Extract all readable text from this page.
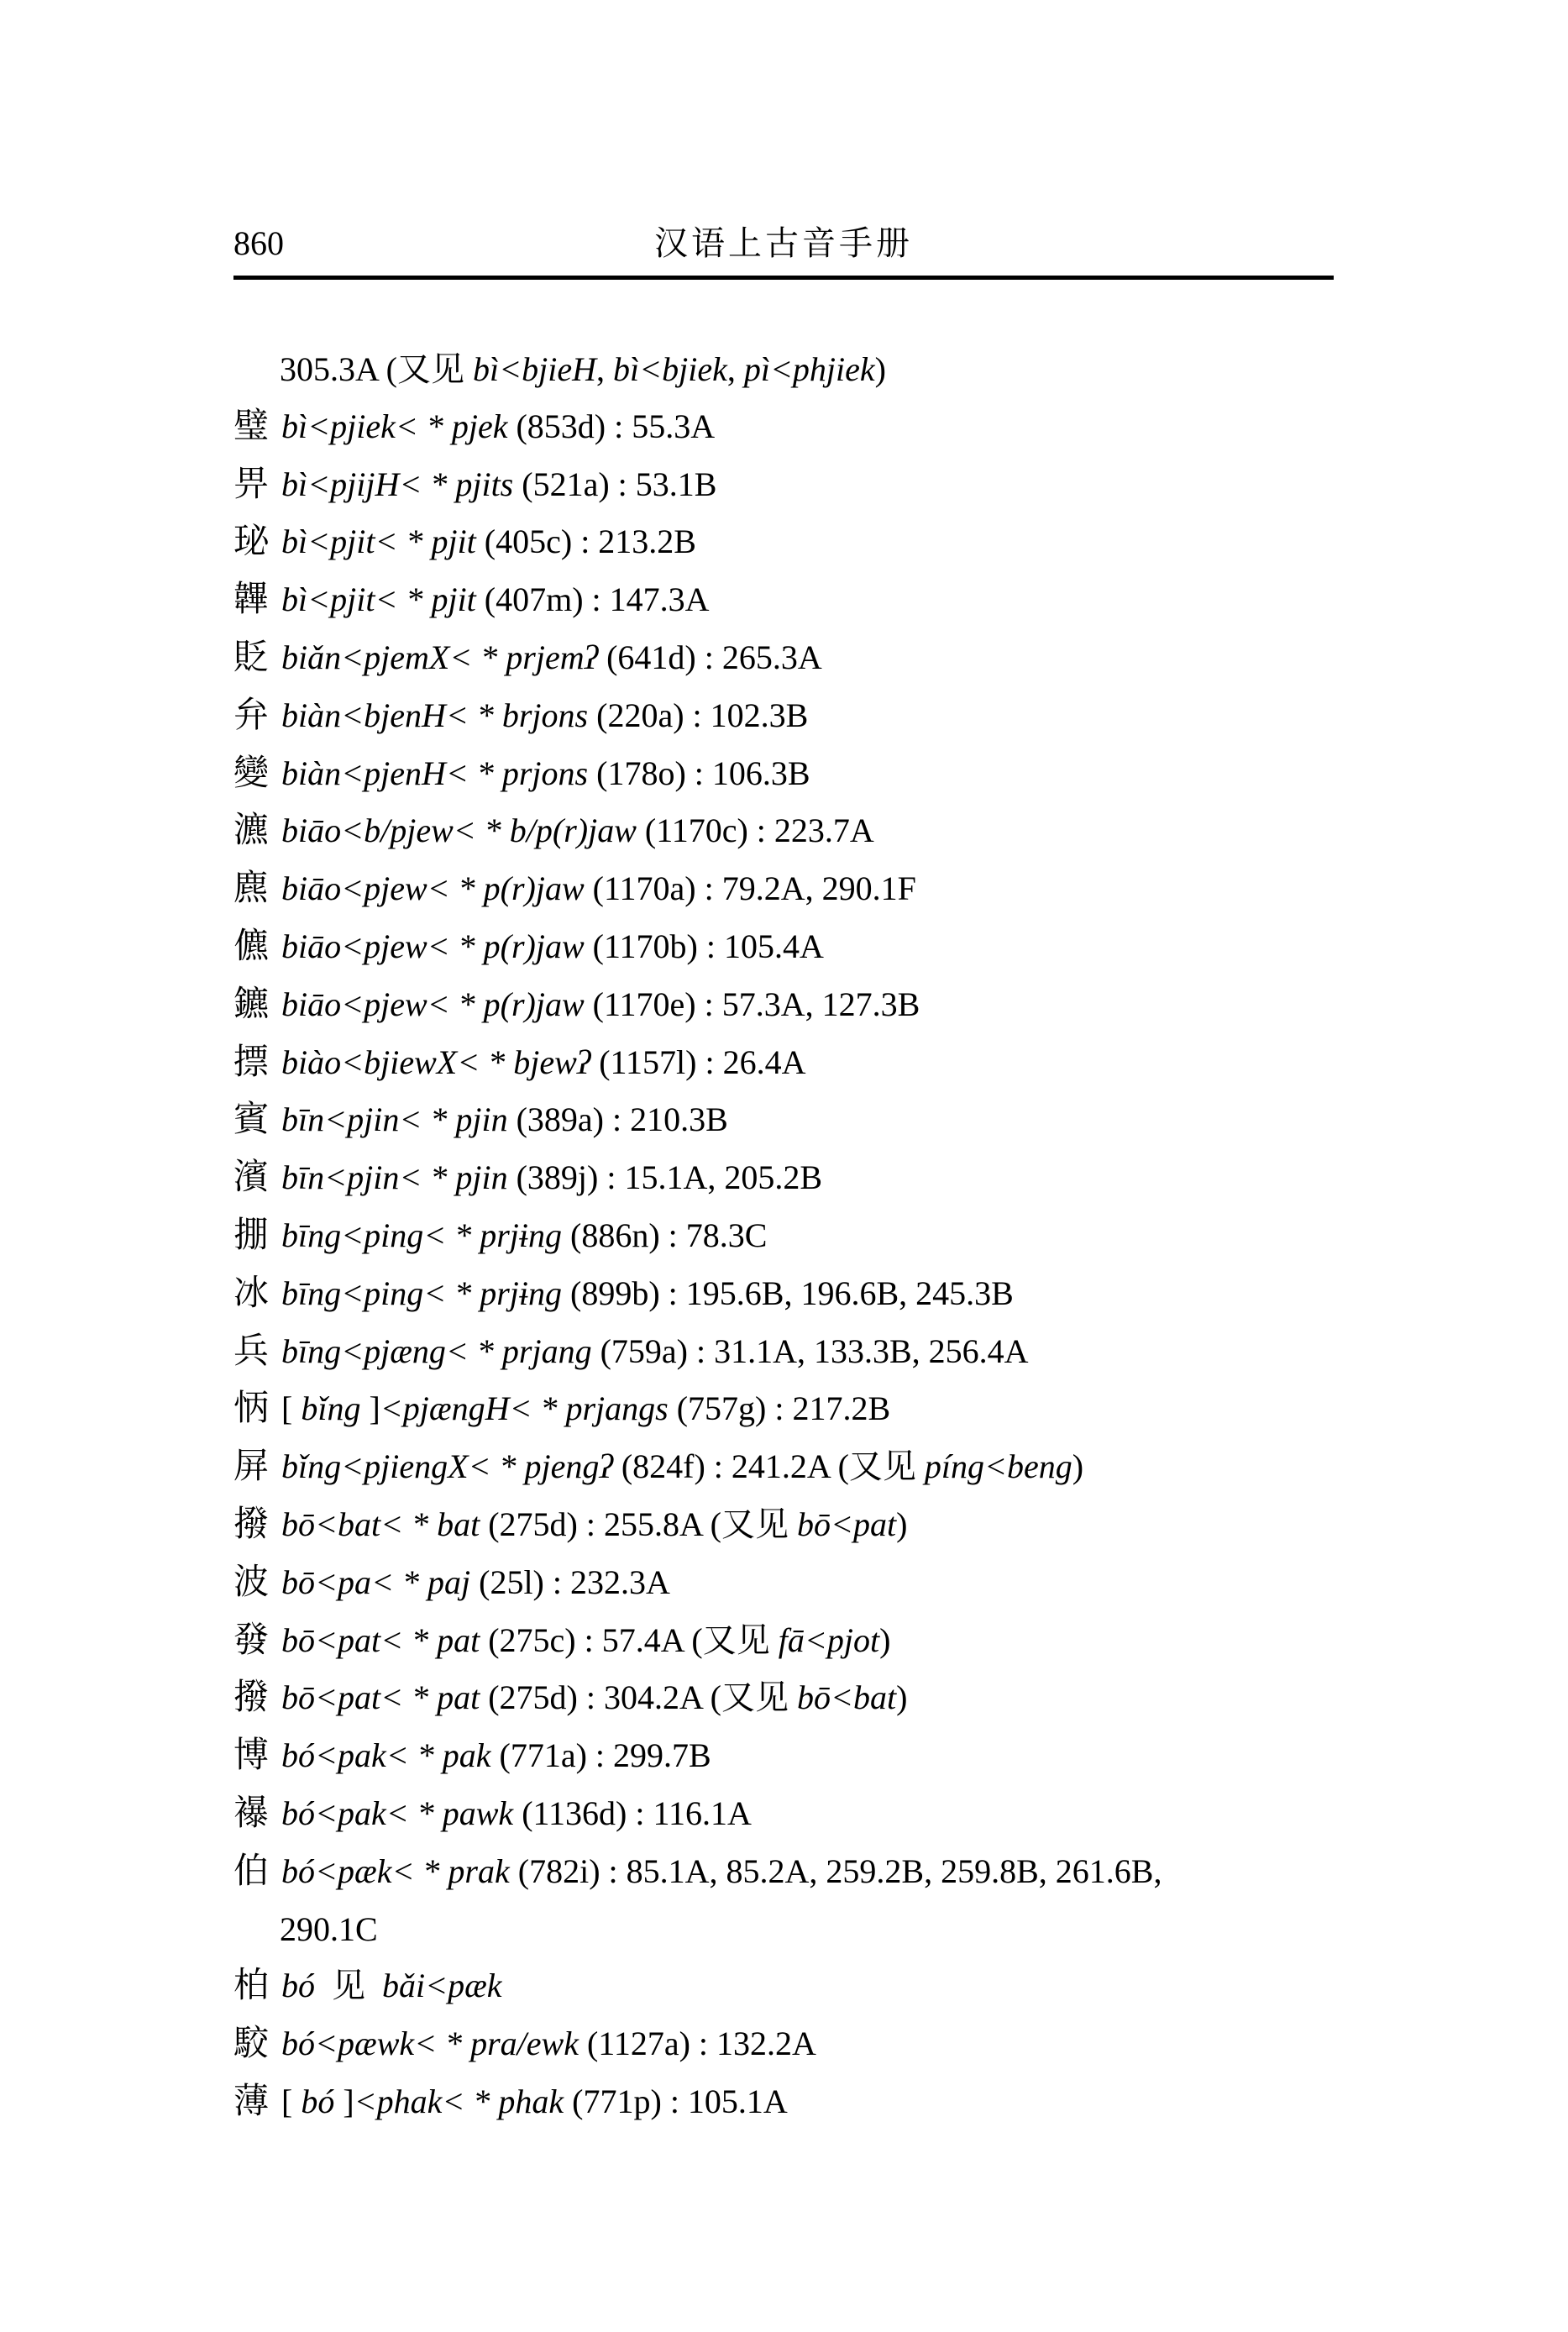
860	汉语上古音手册
305.3A (又见 bì<bjieH, bì<bjiek, pì<phjiek)
璧 bì<pjiek< * pjek (853d) : 55.3A
畀 bì<pjijH< * pjits (521a) : 53.1B
珌 bì<pjit< * pjit (405c) : 213.2B
韠 bì<pjit< * pjit (407m) : 147.3A
貶 biǎn<pjemX< * prjemʔ (641d) : 265.3A
弁 biàn<bjenH< * brjons (220a) : 102.3B
變 biàn<pjenH< * prjons (178o) : 106.3B
瀌 biāo<b/pjew< * b/p(r)jaw (1170c) : 223.7A
麃 biāo<pjew< * p(r)jaw (1170a) : 79.2A, 290.1F
儦 biāo<pjew< * p(r)jaw (1170b) : 105.4A
鑣 biāo<pjew< * p(r)jaw (1170e) : 57.3A, 127.3B
摽 biào<bjiewX< * bjewʔ (1157l) : 26.4A
賓 bīn<pjin< * pjin (389a) : 210.3B
濱 bīn<pjin< * pjin (389j) : 15.1A, 205.2B
掤 bīng<ping< * prjɨng (886n) : 78.3C
冰 bīng<ping< * prjɨng (899b) : 195.6B, 196.6B, 245.3B
兵 bīng<pjæng< * prjang (759a) : 31.1A, 133.3B, 256.4A
怲 [ bǐng ]<pjængH< * prjangs (757g) : 217.2B
屏 bǐng<pjiengX< * pjengʔ (824f) : 241.2A (又见 píng<beng)
撥 bō<bat< * bat (275d) : 255.8A (又见 bō<pat)
波 bō<pa< * paj (25l) : 232.3A
發 bō<pat< * pat (275c) : 57.4A (又见 fā<pjot)
撥 bō<pat< * pat (275d) : 304.2A (又见 bō<bat)
博 bó<pak< * pak (771a) : 299.7B
襮 bó<pak< * pawk (1136d) : 116.1A
伯 bó<pæk< * prak (782i) : 85.1A, 85.2A, 259.2B, 259.8B, 261.6B,
290.1C
柏 bó  见  bǎi<pæk
駮 bó<pæwk< * pra/ewk (1127a) : 132.2A
薄 [ bó ]<phak< * phak (771p) : 105.1A
